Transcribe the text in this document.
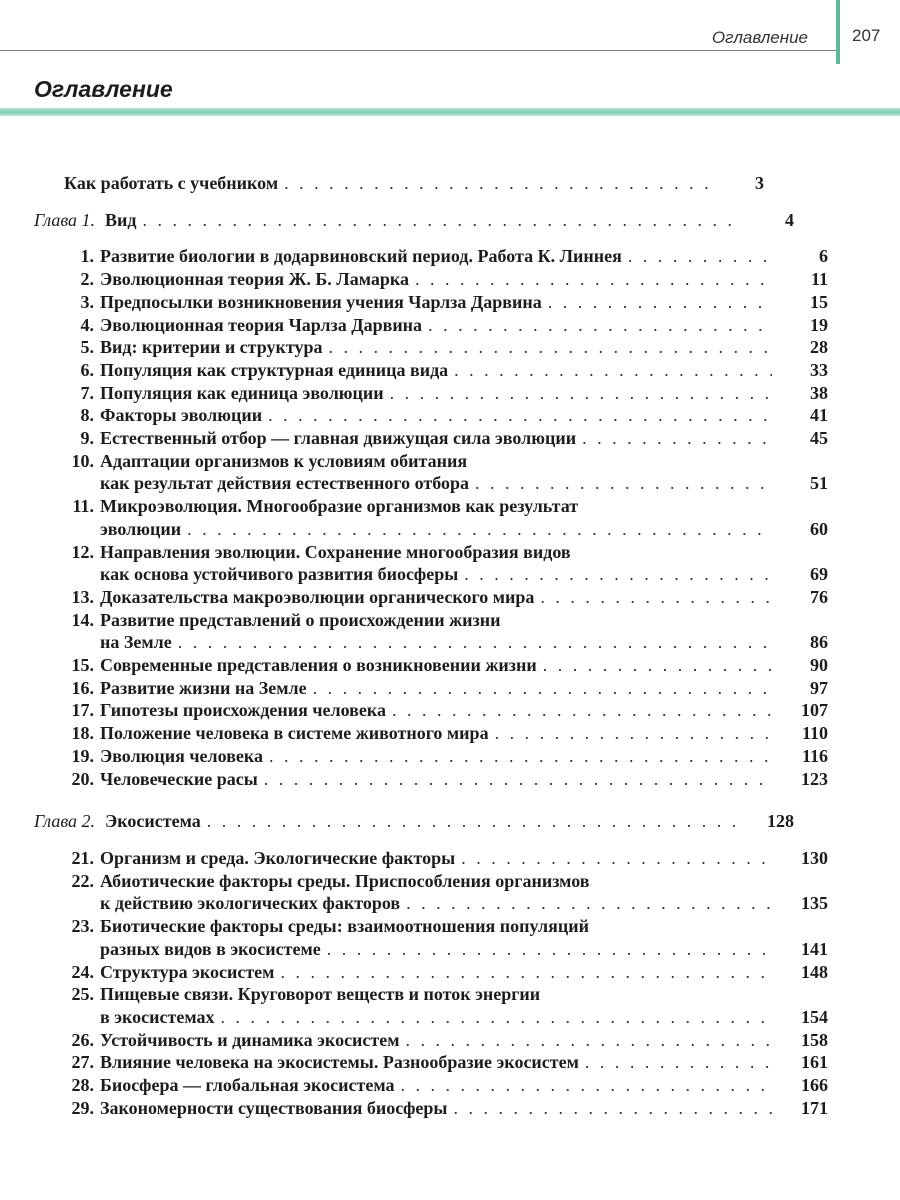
Оглавление	207
Оглавление
Как работать с учебником . . .	3
Глава 1. Вид . . .	4
1. Развитие биологии в додарвиновский период. Работа К. Линнея . . .	6
2. Эволюционная теория Ж. Б. Ламарка . . .	11
3. Предпосылки возникновения учения Чарлза Дарвина . . .	15
4. Эволюционная теория Чарлза Дарвина . . .	19
5. Вид: критерии и структура . . .	28
6. Популяция как структурная единица вида . . .	33
7. Популяция как единица эволюции . . .	38
8. Факторы эволюции . . .	41
9. Естественный отбор — главная движущая сила эволюции . . .	45
10. Адаптации организмов к условиям обитания
как результат действия естественного отбора . . .	51
11. Микроэволюция. Многообразие организмов как результат
эволюции . . .	60
12. Направления эволюции. Сохранение многообразия видов
как основа устойчивого развития биосферы . . .	69
13. Доказательства макроэволюции органического мира . . .	76
14. Развитие представлений о происхождении жизни
на Земле . . .	86
15. Современные представления о возникновении жизни . . .	90
16. Развитие жизни на Земле . . .	97
17. Гипотезы происхождения человека . . .	107
18. Положение человека в системе животного мира . . .	110
19. Эволюция человека . . .	116
20. Человеческие расы . . .	123
Глава 2. Экосистема . . .	128
21. Организм и среда. Экологические факторы . . .	130
22. Абиотические факторы среды. Приспособления организмов
к действию экологических факторов . . .	135
23. Биотические факторы среды: взаимоотношения популяций
разных видов в экосистеме . . .	141
24. Структура экосистем . . .	148
25. Пищевые связи. Круговорот веществ и поток энергии
в экосистемах . . .	154
26. Устойчивость и динамика экосистем . . .	158
27. Влияние человека на экосистемы. Разнообразие экосистем . . .	161
28. Биосфера — глобальная экосистема . . .	166
29. Закономерности существования биосферы . . .	171
